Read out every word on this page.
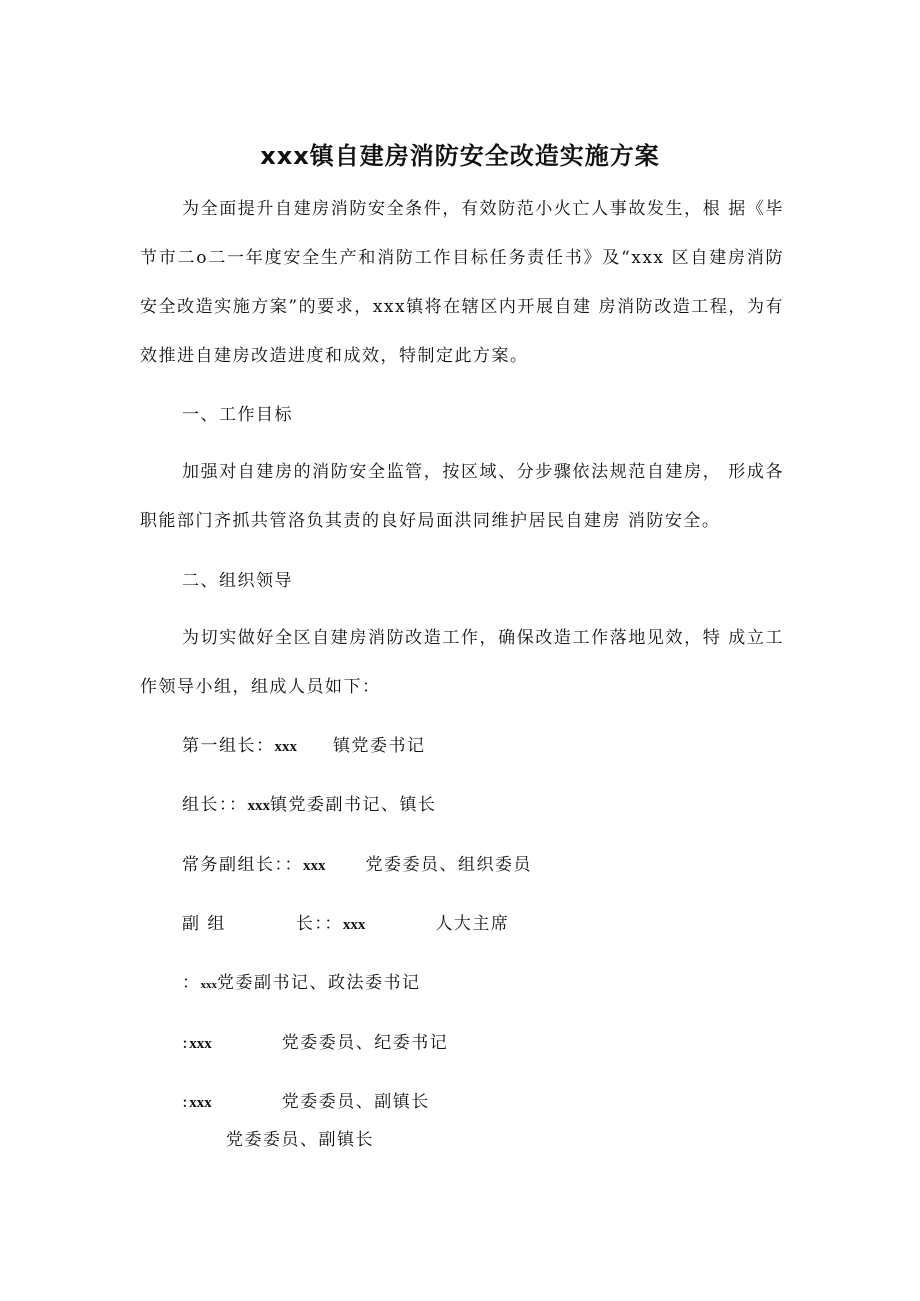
xxx镇自建房消防安全改造实施方案

为全面提升自建房消防安全条件，有效防范小火亡人事故发生，根 据《毕节市二o二一年度安全生产和消防工作目标任务责任书》及“xxx 区自建房消防安全改造实施方案”的要求，xxx镇将在辖区内开展自建 房消防改造工程，为有效推进自建房改造进度和成效，特制定此方案。

一、工作目标

加强对自建房的消防安全监管，按区域、分步骤依法规范自建房， 形成各职能部门齐抓共管洛负其责的良好局面洪同维护居民自建房 消防安全。

二、组织领导

为切实做好全区自建房消防改造工作，确保改造工作落地见效，特 成立工作领导小组，组成人员如下：

第一组长：xxx 镇党委书记
组长：：xxx镇党委副书记、镇长
常务副组长：：xxx 党委委员、组织委员
副 组	长：：xxx	人大主席
：xxx党委副书记、政法委书记
:xxx	党委委员、纪委书记
:xxx	党委委员、副镇长
党委委员、副镇长
